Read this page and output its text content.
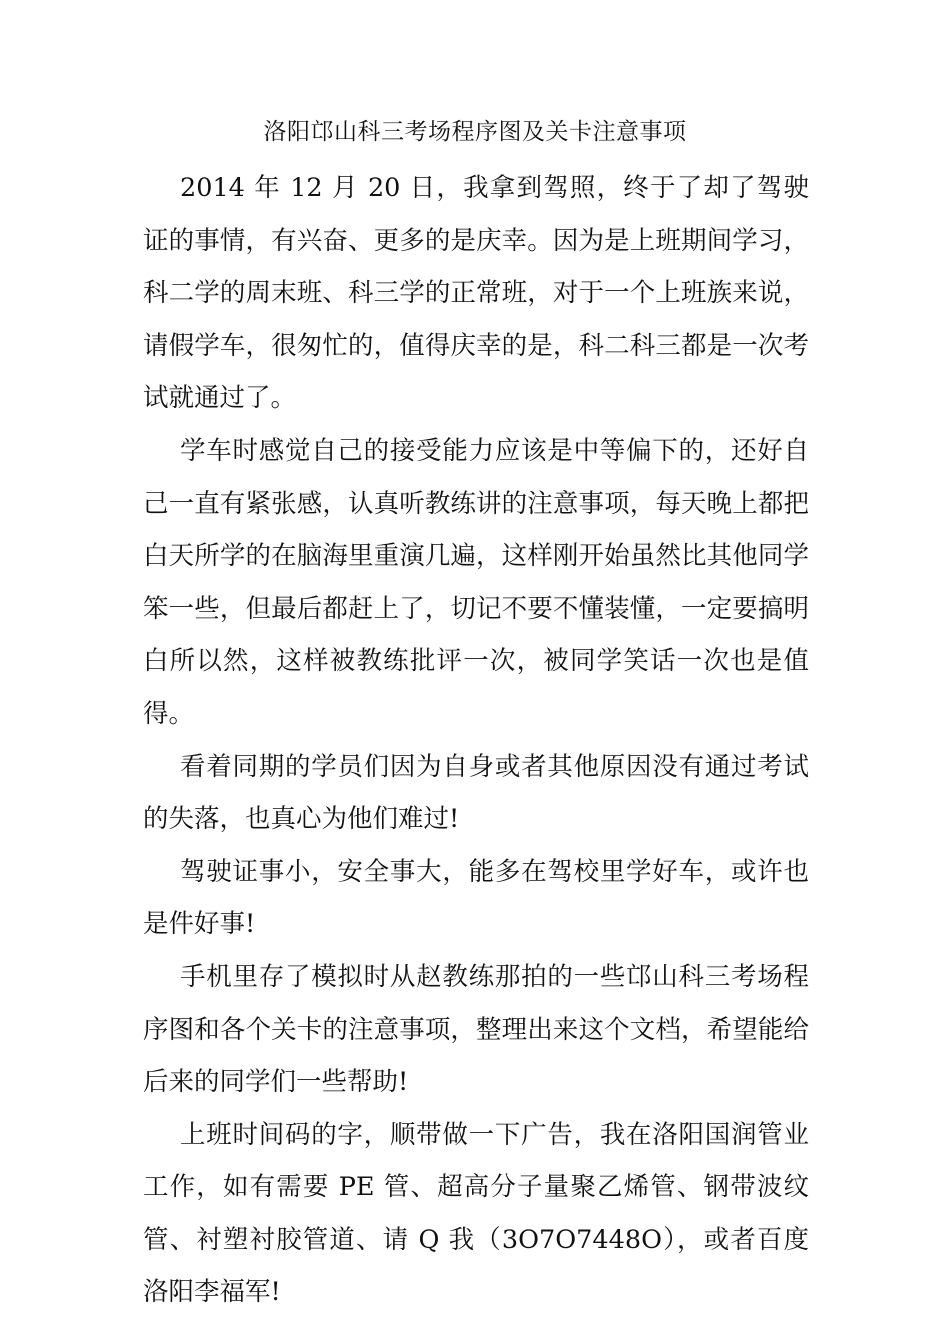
洛阳邙山科三考场程序图及关卡注意事项

2014 年 12 月 20 日，我拿到驾照，终于了却了驾驶证的事情，有兴奋、更多的是庆幸。因为是上班期间学习，科二学的周末班、科三学的正常班，对于一个上班族来说，请假学车，很匆忙的，值得庆幸的是，科二科三都是一次考试就通过了。

学车时感觉自己的接受能力应该是中等偏下的，还好自己一直有紧张感，认真听教练讲的注意事项，每天晚上都把白天所学的在脑海里重演几遍，这样刚开始虽然比其他同学笨一些，但最后都赶上了，切记不要不懂装懂，一定要搞明白所以然，这样被教练批评一次，被同学笑话一次也是值得。

看着同期的学员们因为自身或者其他原因没有通过考试的失落，也真心为他们难过!

驾驶证事小，安全事大，能多在驾校里学好车，或许也是件好事!

手机里存了模拟时从赵教练那拍的一些邙山科三考场程序图和各个关卡的注意事项，整理出来这个文档，希望能给后来的同学们一些帮助!

上班时间码的字，顺带做一下广告，我在洛阳国润管业工作，如有需要 PE 管、超高分子量聚乙烯管、钢带波纹管、衬塑衬胶管道、请 Q 我（3O7O7448O），或者百度洛阳李福军!
